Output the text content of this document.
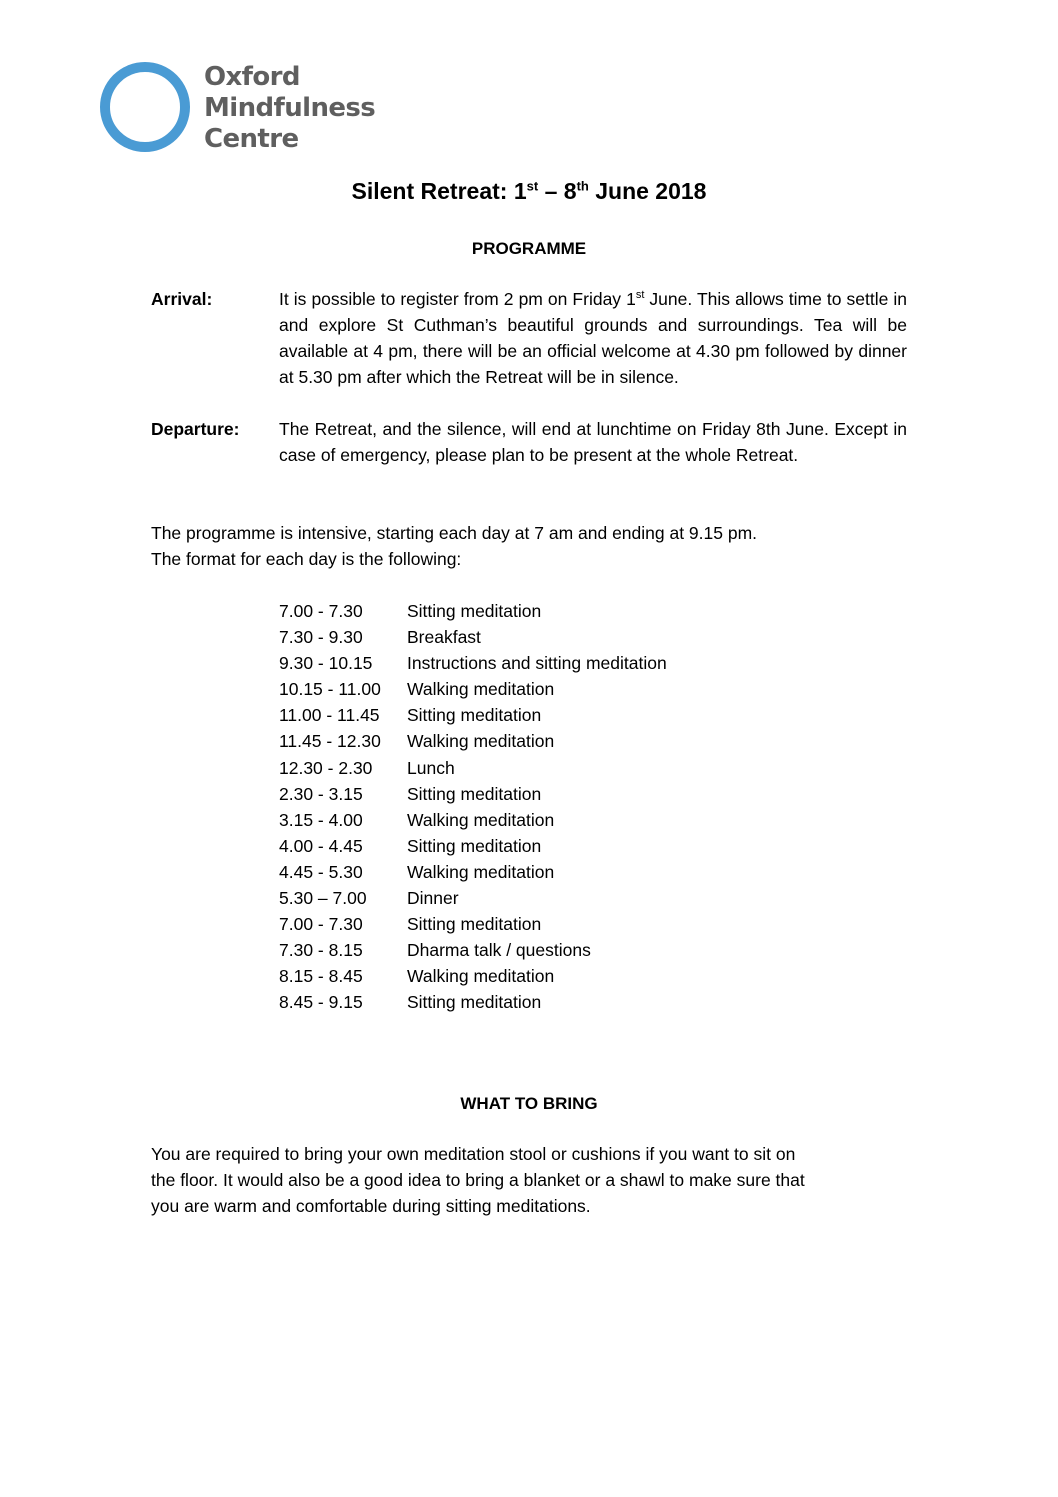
Oxford
Mindfulness
Centre
Silent Retreat: 1st – 8th June 2018
PROGRAMME
Arrival:	It is possible to register from 2 pm on Friday 1st June. This allows time to settle in and explore St Cuthman’s beautiful grounds and surroundings. Tea will be available at 4 pm, there will be an official welcome at 4.30 pm followed by dinner at 5.30 pm after which the Retreat will be in silence.
Departure: The Retreat, and the silence, will end at lunchtime on Friday 8th June. Except in case of emergency, please plan to be present at the whole Retreat.
The programme is intensive, starting each day at 7 am and ending at 9.15 pm.
The format for each day is the following:
7.00 - 7.30	Sitting meditation
7.30 - 9.30	Breakfast
9.30 - 10.15	Instructions and sitting meditation
10.15 - 11.00	Walking meditation
11.00 - 11.45	Sitting meditation
11.45 - 12.30	Walking meditation
12.30 - 2.30	Lunch
2.30 - 3.15	Sitting meditation
3.15 - 4.00	Walking meditation
4.00 - 4.45	Sitting meditation
4.45 - 5.30	Walking meditation
5.30 – 7.00	Dinner
7.00 - 7.30	Sitting meditation
7.30 - 8.15	Dharma talk / questions
8.15 - 8.45	Walking meditation
8.45 - 9.15	Sitting meditation
WHAT TO BRING
You are required to bring your own meditation stool or cushions if you want to sit on
the floor. It would also be a good idea to bring a blanket or a shawl to make sure that
you are warm and comfortable during sitting meditations.
